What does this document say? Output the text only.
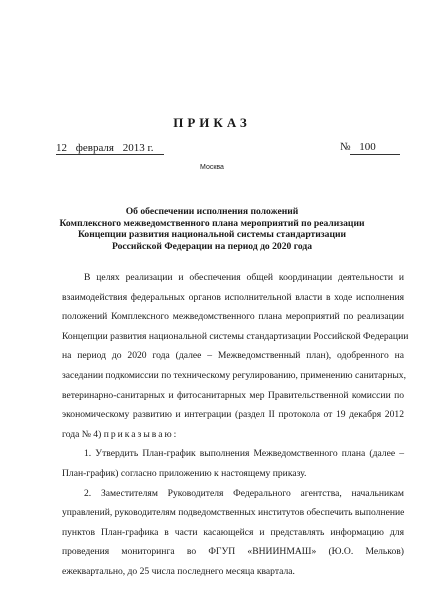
ПРИКАЗ
12 февраля 2013 г.	№ 100
Москва
Об обеспечении исполнения положений
Комплексного межведомственного плана мероприятий по реализации
Концепции развития национальной системы стандартизации
Российской Федерации на период до 2020 года
В целях реализации и обеспечения общей координации деятельности и
взаимодействия федеральных органов исполнительной власти в ходе исполнения
положений Комплексного межведомственного плана мероприятий по реализации
Концепции развития национальной системы стандартизации Российской Федерации
на период до 2020 года (далее – Межведомственный план), одобренного на
заседании подкомиссии по техническому регулированию, применению санитарных,
ветеринарно-санитарных и фитосанитарных мер Правительственной комиссии по
экономическому развитию и интеграции (раздел II протокола от 19 декабря 2012
года № 4) приказываю:
1. Утвердить План-график выполнения Межведомственного плана (далее –
План-график) согласно приложению к настоящему приказу.
2. Заместителям Руководителя Федерального агентства, начальникам
управлений, руководителям подведомственных институтов обеспечить выполнение
пунктов План-графика в части касающейся и представлять информацию для
проведения мониторинга во ФГУП «ВНИИНМАШ» (Ю.О. Мельков)
ежеквартально, до 25 числа последнего месяца квартала.
